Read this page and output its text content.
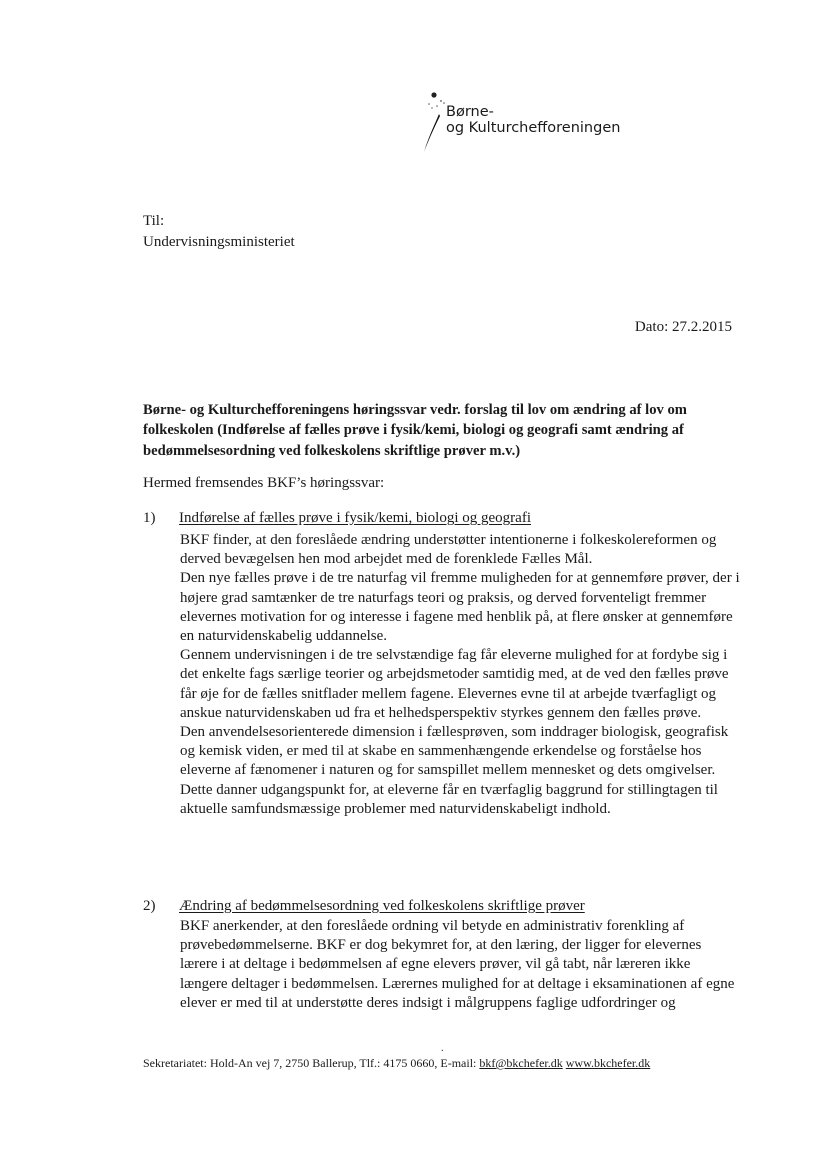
Børne-
og Kulturchefforeningen
Til:
Undervisningsministeriet
Dato: 27.2.2015
Børne- og Kulturchefforeningens høringssvar vedr. forslag til lov om ændring af lov om folkeskolen (Indførelse af fælles prøve i fysik/kemi, biologi og geografi samt ændring af bedømmelsesordning ved folkeskolens skriftlige prøver m.v.)
Hermed fremsendes BKF’s høringssvar:
1) Indførelse af fælles prøve i fysik/kemi, biologi og geografi

BKF finder, at den foreslåede ændring understøtter intentionerne i folkeskolereformen og derved bevægelsen hen mod arbejdet med de forenklede Fælles Mål.

Den nye fælles prøve i de tre naturfag vil fremme muligheden for at gennemføre prøver, der i højere grad samtænker de tre naturfags teori og praksis, og derved forventeligt fremmer elevernes motivation for og interesse i fagene med henblik på, at flere ønsker at gennemføre en naturvidenskabelig uddannelse.

Gennem undervisningen i de tre selvstændige fag får eleverne mulighed for at fordybe sig i det enkelte fags særlige teorier og arbejdsmetoder samtidig med, at de ved den fælles prøve får øje for de fælles snitflader mellem fagene. Elevernes evne til at arbejde tværfagligt og anskue naturvidenskaben ud fra et helhedsperspektiv styrkes gennem den fælles prøve.

Den anvendelsesorienterede dimension i fællesprøven, som inddrager biologisk, geografisk og kemisk viden, er med til at skabe en sammenhængende erkendelse og forståelse hos eleverne af fænomener i naturen og for samspillet mellem mennesket og dets omgivelser. Dette danner udgangspunkt for, at eleverne får en tværfaglig baggrund for stillingtagen til aktuelle samfundsmæssige problemer med naturvidenskabeligt indhold.

2) Ændring af bedømmelsesordning ved folkeskolens skriftlige prøver

BKF anerkender, at den foreslåede ordning vil betyde en administrativ forenkling af prøvebedømmelserne. BKF er dog bekymret for, at den læring, der ligger for elevernes lærere i at deltage i bedømmelsen af egne elevers prøver, vil gå tabt, når læreren ikke længere deltager i bedømmelsen. Lærernes mulighed for at deltage i eksaminationen af egne elever er med til at understøtte deres indsigt i målgruppens faglige udfordringer og

.
Sekretariatet: Hold-An vej 7, 2750 Ballerup, Tlf.: 4175 0660, E-mail: bkf@bkchefer.dk www.bkchefer.dk
